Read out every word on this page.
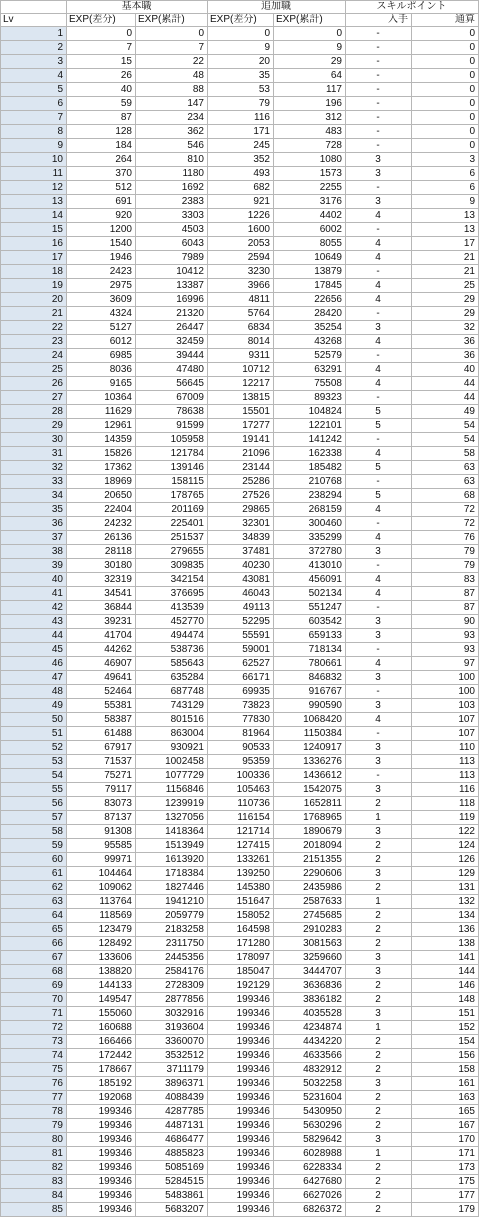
	基本職		追加職		スキルポイント	
Lv	EXP(差分)	EXP(累計)	EXP(差分)	EXP(累計)	入手	通算
1	0	0	0	0	-	0
2	7	7	9	9	-	0
3	15	22	20	29	-	0
4	26	48	35	64	-	0
5	40	88	53	117	-	0
6	59	147	79	196	-	0
7	87	234	116	312	-	0
8	128	362	171	483	-	0
9	184	546	245	728	-	0
10	264	810	352	1080	3	3
11	370	1180	493	1573	3	6
12	512	1692	682	2255	-	6
13	691	2383	921	3176	3	9
14	920	3303	1226	4402	4	13
15	1200	4503	1600	6002	-	13
16	1540	6043	2053	8055	4	17
17	1946	7989	2594	10649	4	21
18	2423	10412	3230	13879	-	21
19	2975	13387	3966	17845	4	25
20	3609	16996	4811	22656	4	29
21	4324	21320	5764	28420	-	29
22	5127	26447	6834	35254	3	32
23	6012	32459	8014	43268	4	36
24	6985	39444	9311	52579	-	36
25	8036	47480	10712	63291	4	40
26	9165	56645	12217	75508	4	44
27	10364	67009	13815	89323	-	44
28	11629	78638	15501	104824	5	49
29	12961	91599	17277	122101	5	54
30	14359	105958	19141	141242	-	54
31	15826	121784	21096	162338	4	58
32	17362	139146	23144	185482	5	63
33	18969	158115	25286	210768	-	63
34	20650	178765	27526	238294	5	68
35	22404	201169	29865	268159	4	72
36	24232	225401	32301	300460	-	72
37	26136	251537	34839	335299	4	76
38	28118	279655	37481	372780	3	79
39	30180	309835	40230	413010	-	79
40	32319	342154	43081	456091	4	83
41	34541	376695	46043	502134	4	87
42	36844	413539	49113	551247	-	87
43	39231	452770	52295	603542	3	90
44	41704	494474	55591	659133	3	93
45	44262	538736	59001	718134	-	93
46	46907	585643	62527	780661	4	97
47	49641	635284	66171	846832	3	100
48	52464	687748	69935	916767	-	100
49	55381	743129	73823	990590	3	103
50	58387	801516	77830	1068420	4	107
51	61488	863004	81964	1150384	-	107
52	67917	930921	90533	1240917	3	110
53	71537	1002458	95359	1336276	3	113
54	75271	1077729	100336	1436612	-	113
55	79117	1156846	105463	1542075	3	116
56	83073	1239919	110736	1652811	2	118
57	87137	1327056	116154	1768965	1	119
58	91308	1418364	121714	1890679	3	122
59	95585	1513949	127415	2018094	2	124
60	99971	1613920	133261	2151355	2	126
61	104464	1718384	139250	2290606	3	129
62	109062	1827446	145380	2435986	2	131
63	113764	1941210	151647	2587633	1	132
64	118569	2059779	158052	2745685	2	134
65	123479	2183258	164598	2910283	2	136
66	128492	2311750	171280	3081563	2	138
67	133606	2445356	178097	3259660	3	141
68	138820	2584176	185047	3444707	3	144
69	144133	2728309	192129	3636836	2	146
70	149547	2877856	199346	3836182	2	148
71	155060	3032916	199346	4035528	3	151
72	160688	3193604	199346	4234874	1	152
73	166466	3360070	199346	4434220	2	154
74	172442	3532512	199346	4633566	2	156
75	178667	3711179	199346	4832912	2	158
76	185192	3896371	199346	5032258	3	161
77	192068	4088439	199346	5231604	2	163
78	199346	4287785	199346	5430950	2	165
79	199346	4487131	199346	5630296	2	167
80	199346	4686477	199346	5829642	3	170
81	199346	4885823	199346	6028988	1	171
82	199346	5085169	199346	6228334	2	173
83	199346	5284515	199346	6427680	2	175
84	199346	5483861	199346	6627026	2	177
85	199346	5683207	199346	6826372	2	179
